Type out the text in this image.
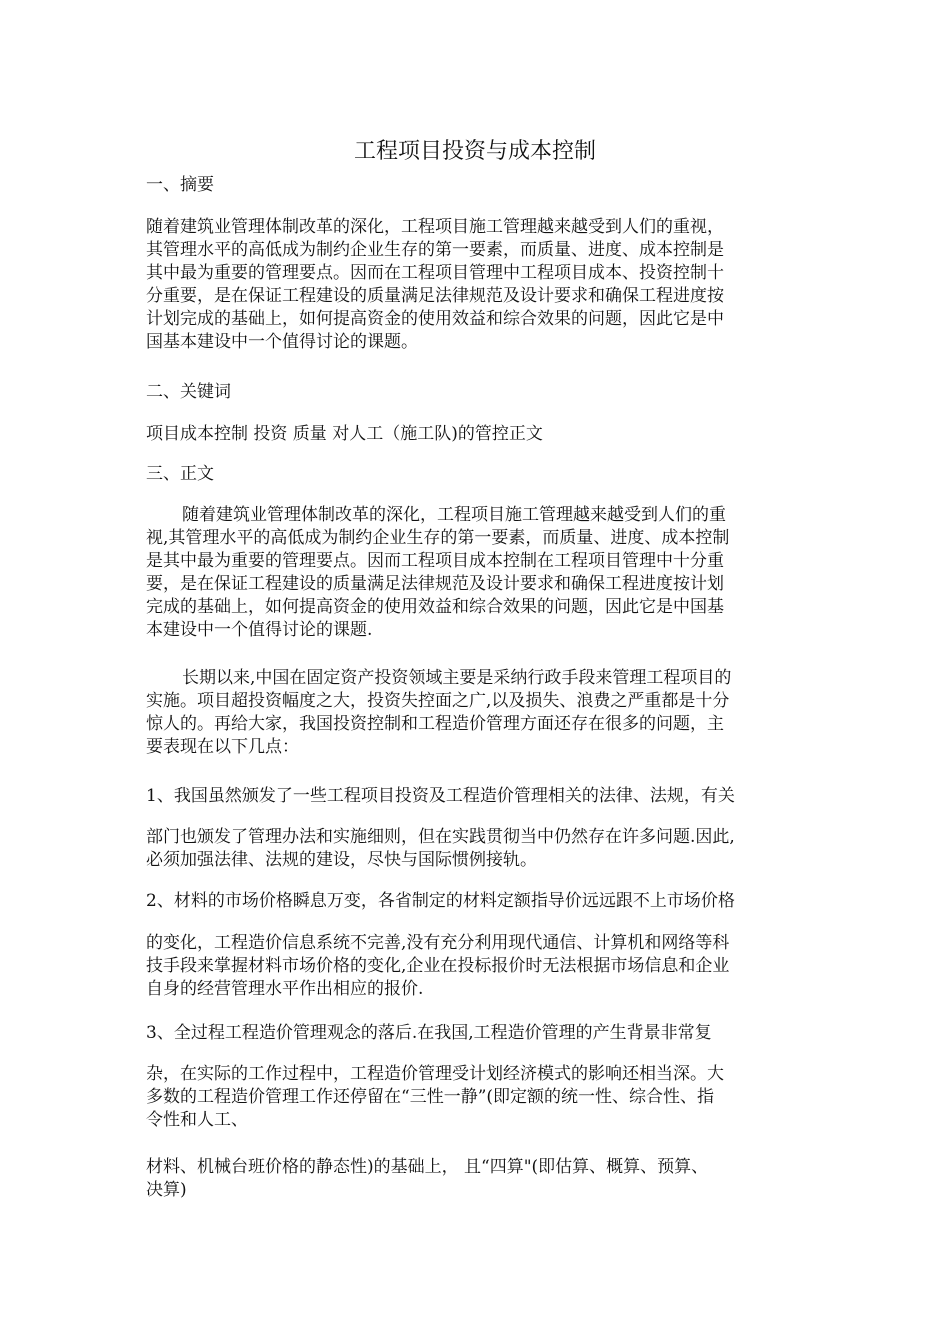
工程项目投资与成本控制

一、摘要

随着建筑业管理体制改革的深化，工程项目施工管理越来越受到人们的重视，
其管理水平的高低成为制约企业生存的第一要素，而质量、进度、成本控制是
其中最为重要的管理要点。因而在工程项目管理中工程项目成本、投资控制十
分重要，是在保证工程建设的质量满足法律规范及设计要求和确保工程进度按
计划完成的基础上，如何提高资金的使用效益和综合效果的问题，因此它是中
国基本建设中一个值得讨论的课题。

二、关键词

项目成本控制 投资 质量 对人工（施工队)的管控正文

三、正文

随着建筑业管理体制改革的深化，工程项目施工管理越来越受到人们的重
视,其管理水平的高低成为制约企业生存的第一要素，而质量、进度、成本控制
是其中最为重要的管理要点。因而工程项目成本控制在工程项目管理中十分重
要，是在保证工程建设的质量满足法律规范及设计要求和确保工程进度按计划
完成的基础上，如何提高资金的使用效益和综合效果的问题，因此它是中国基
本建设中一个值得讨论的课题.
长期以来,中国在固定资产投资领域主要是采纳行政手段来管理工程项目的
实施。项目超投资幅度之大，投资失控面之广,以及损失、浪费之严重都是十分
惊人的。再给大家，我国投资控制和工程造价管理方面还存在很多的问题，主
要表现在以下几点：

1、我国虽然颁发了一些工程项目投资及工程造价管理相关的法律、法规，有关

部门也颁发了管理办法和实施细则，但在实践贯彻当中仍然存在许多问题.因此,
必须加强法律、法规的建设，尽快与国际惯例接轨。

2、材料的市场价格瞬息万变，各省制定的材料定额指导价远远跟不上市场价格

的变化，工程造价信息系统不完善,没有充分利用现代通信、计算机和网络等科
技手段来掌握材料市场价格的变化,企业在投标报价时无法根据市场信息和企业
自身的经营管理水平作出相应的报价.

3、全过程工程造价管理观念的落后.在我国,工程造价管理的产生背景非常复

杂，在实际的工作过程中，工程造价管理受计划经济模式的影响还相当深。大
多数的工程造价管理工作还停留在“三性一静”(即定额的统一性、综合性、指
令性和人工、
材料、机械台班价格的静态性)的基础上， 且“四算"(即估算、概算、预算、
决算)
